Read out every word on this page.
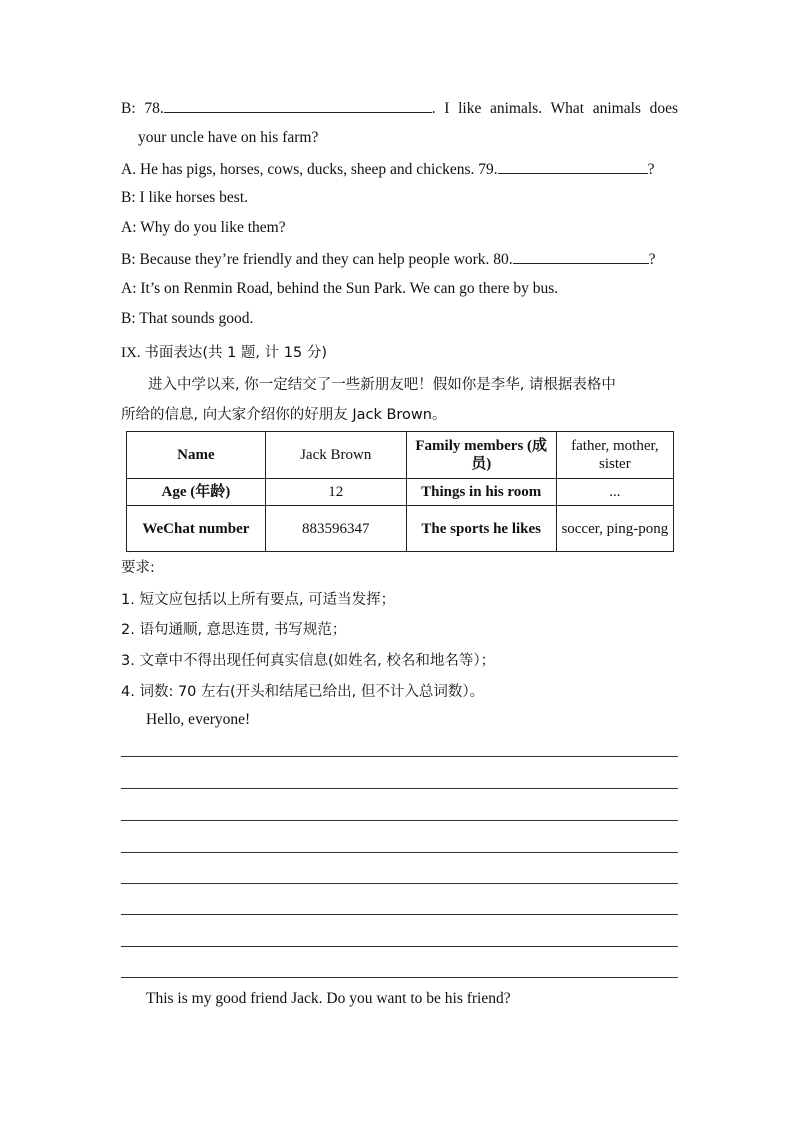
B: 78.	. I like animals. What animals does
your uncle have on his farm?
A. He has pigs, horses, cows, ducks, sheep and chickens. 79.	?
B: I like horses best.
A: Why do you like them?
B: Because they’re friendly and they can help people work. 80.	?
A: It’s on Renmin Road, behind the Sun Park. We can go there by bus.
B: That sounds good.
IX. 书面表达(共 1 题, 计 15 分)
进入中学以来, 你一定结交了一些新朋友吧！假如你是李华, 请根据表格中
所给的信息, 向大家介绍你的好朋友 Jack Brown。
Name	Jack Brown	Family members (成员)	father, mother, sister
Age (年龄)	12	Things in his room	...
WeChat number	883596347	The sports he likes	soccer, ping-pong
要求:
1. 短文应包括以上所有要点, 可适当发挥；
2. 语句通顺, 意思连贯, 书写规范；
3. 文章中不得出现任何真实信息(如姓名, 校名和地名等）；
4. 词数: 70 左右(开头和结尾已给出, 但不计入总词数）。
Hello, everyone!
This is my good friend Jack. Do you want to be his friend?
